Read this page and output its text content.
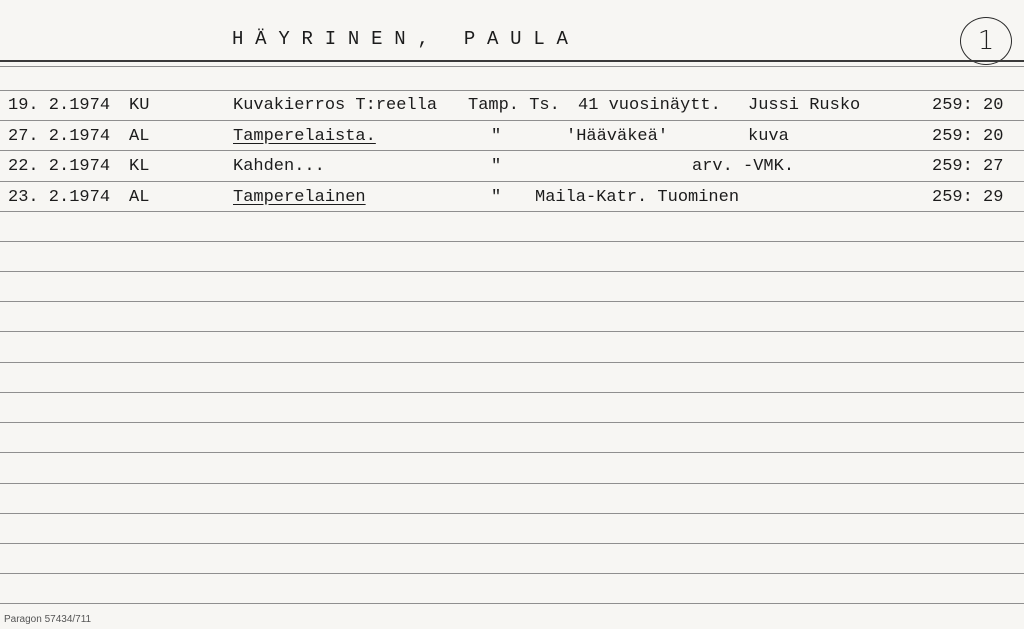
HÄYRINEN, PAULA	1
19. 2.1974 KU	Kuvakierros T:reella Tamp. Ts. 41 vuosinäytt. Jussi Rusko	259: 20
27. 2.1974 AL	Tamperelaista.	"	'Hääväkeä'	kuva	259: 20
22. 2.1974 KL	Kahden...	"	arv. -VMK.	259: 27
23. 2.1974 AL	Tamperelainen	" Maila-Katr. Tuominen	259: 29
Paragon 57434/711
